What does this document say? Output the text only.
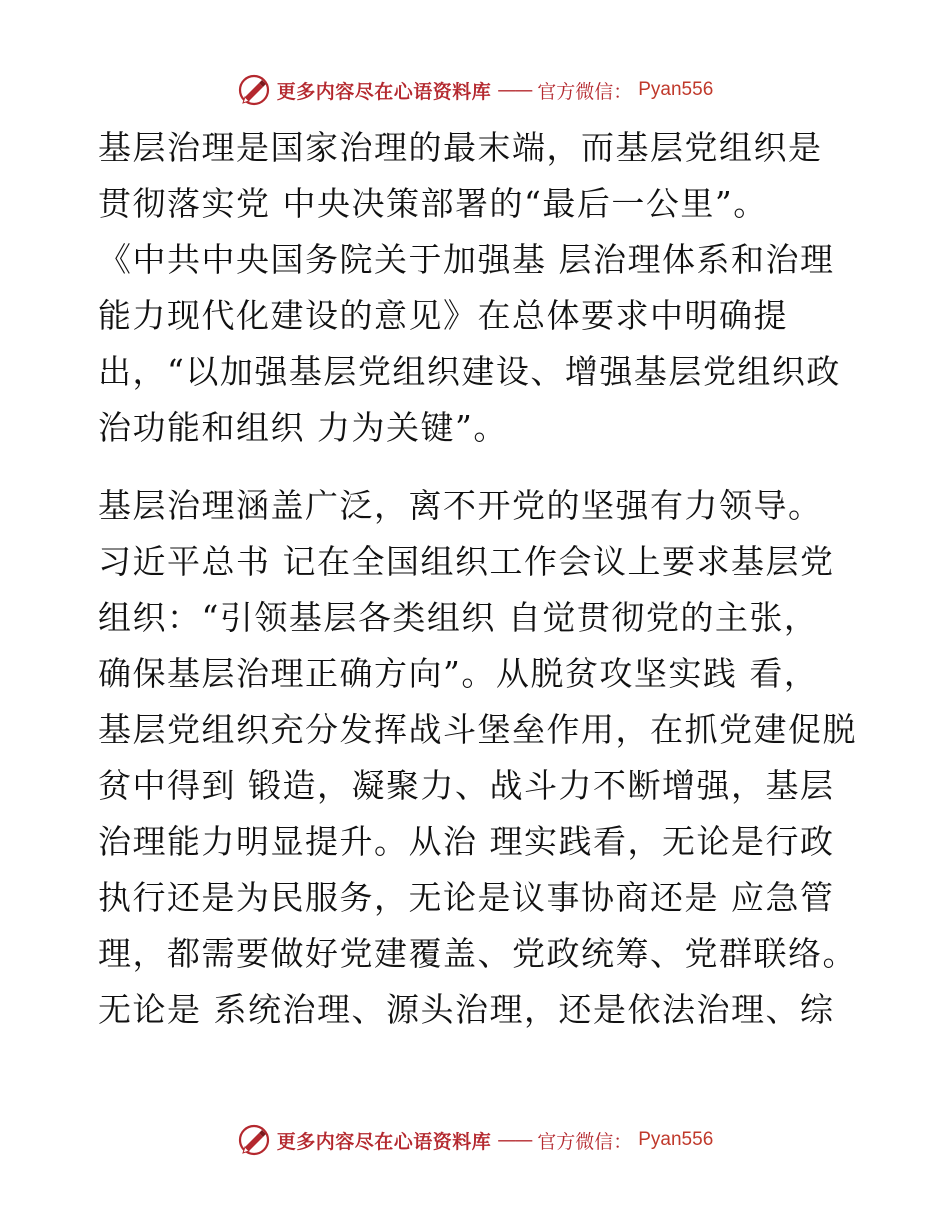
更多内容尽在心语资料库 —— 官方微信： Pyan556

基层治理是国家治理的最末端，而基层党组织是
贯彻落实党 中央决策部署的“最后一公里”。
《中共中央国务院关于加强基 层治理体系和治理
能力现代化建设的意见》在总体要求中明确提
出，“以加强基层党组织建设、增强基层党组织政
治功能和组织 力为关键”。

基层治理涵盖广泛，离不开党的坚强有力领导。
习近平总书 记在全国组织工作会议上要求基层党
组织：“引领基层各类组织 自觉贯彻党的主张，
确保基层治理正确方向”。从脱贫攻坚实践 看，
基层党组织充分发挥战斗堡垒作用，在抓党建促脱
贫中得到 锻造，凝聚力、战斗力不断增强，基层
治理能力明显提升。从治 理实践看，无论是行政
执行还是为民服务，无论是议事协商还是 应急管
理，都需要做好党建覆盖、党政统筹、党群联络。
无论是 系统治理、源头治理，还是依法治理、综

更多内容尽在心语资料库 —— 官方微信： Pyan556
